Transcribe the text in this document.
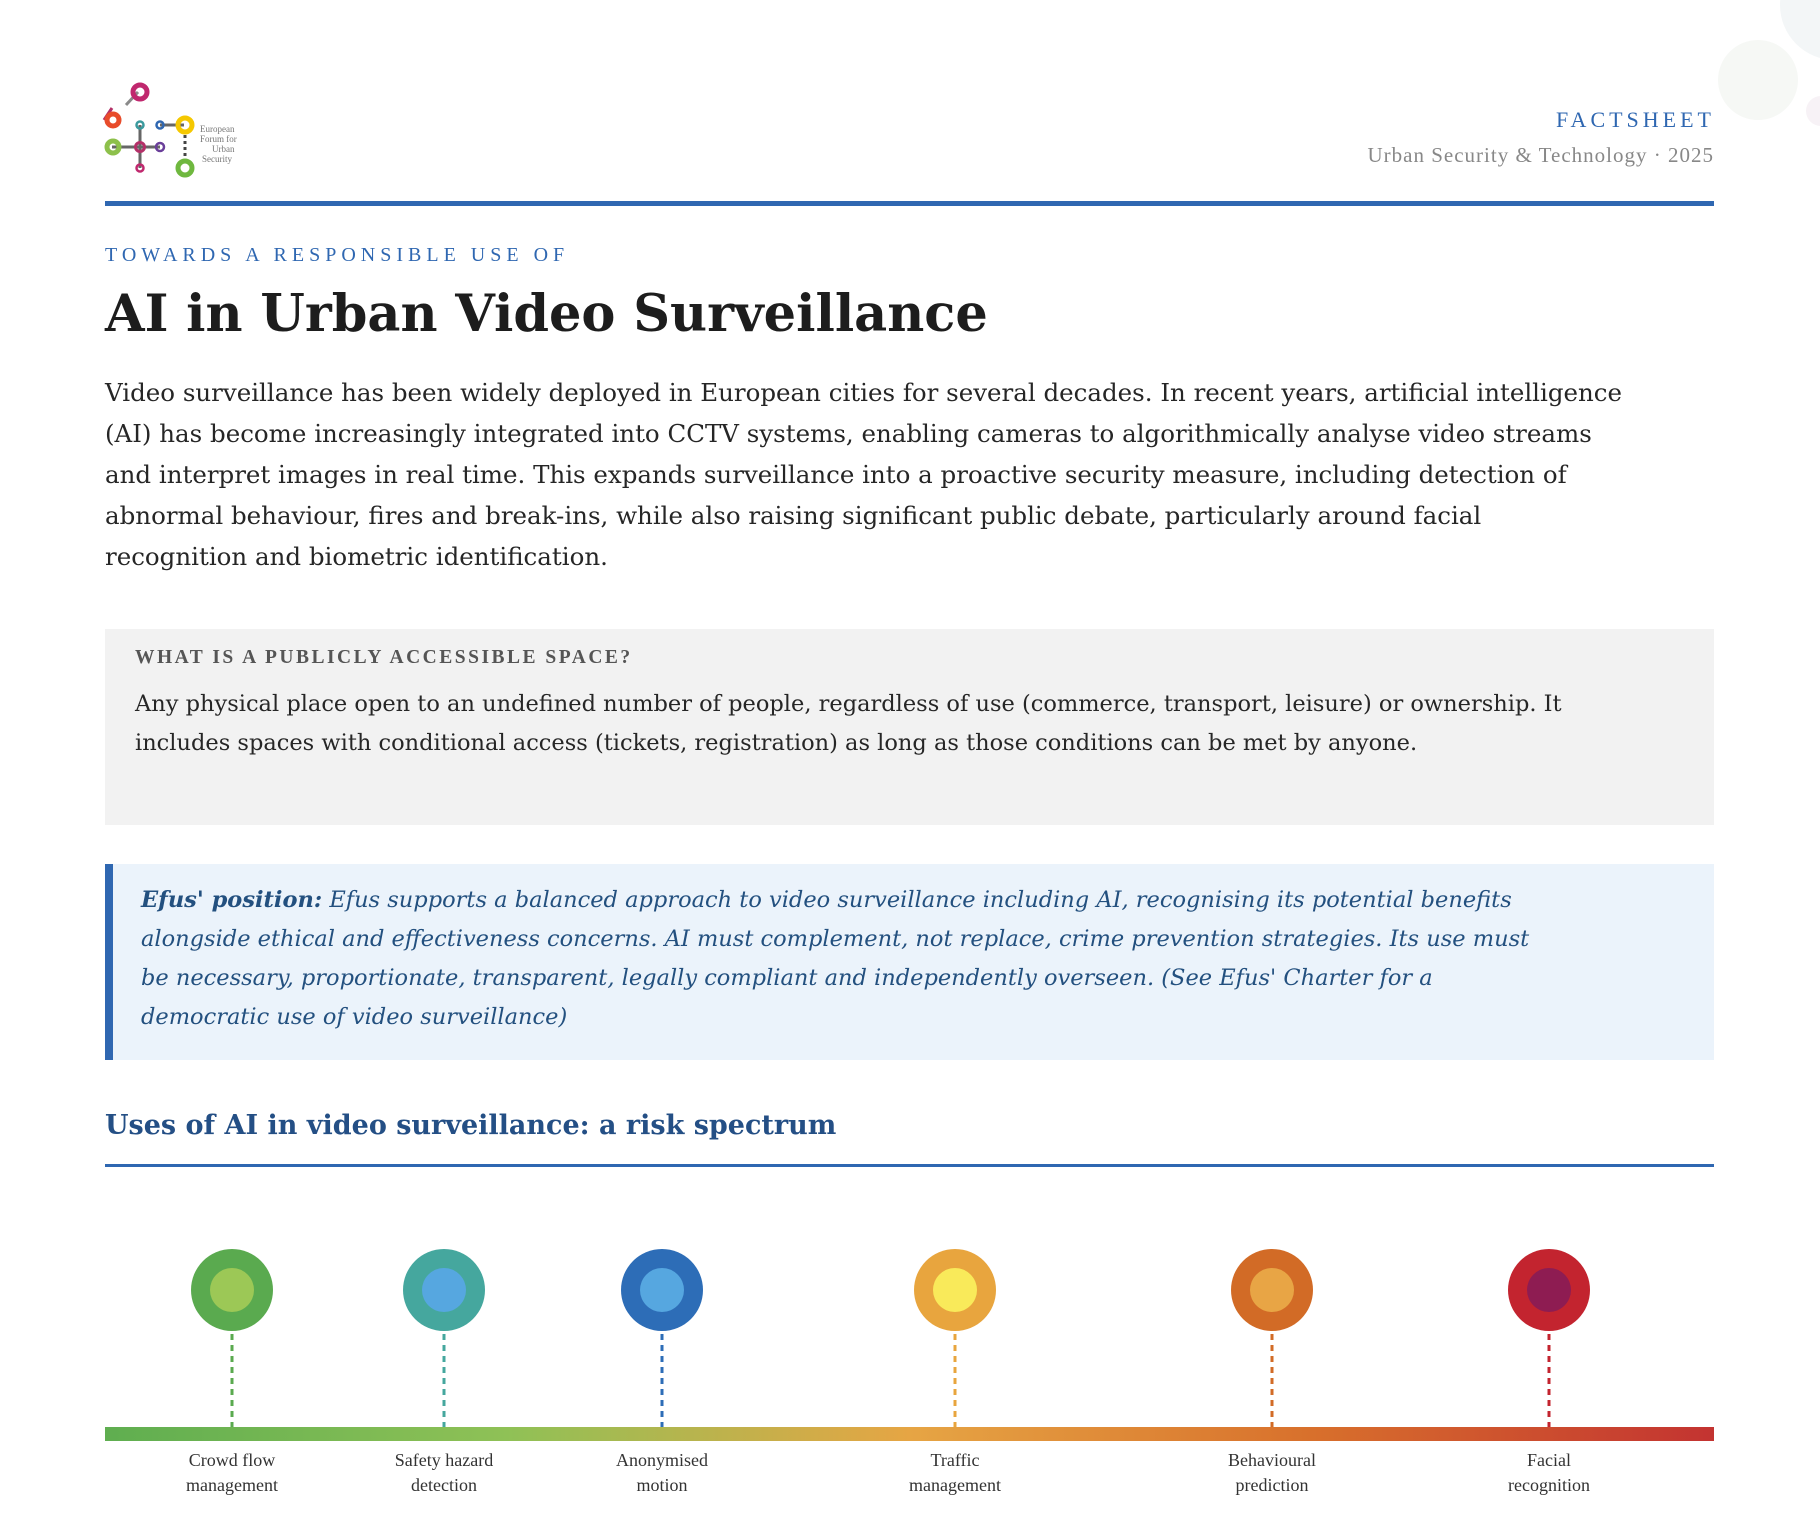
European
Forum for
Urban
Security
FACTSHEET
Urban Security & Technology · 2025
TOWARDS A RESPONSIBLE USE OF
AI in Urban Video Surveillance

Video surveillance has been widely deployed in European cities for several decades. In recent years, artificial intelligence (AI) has become increasingly integrated into CCTV systems, enabling cameras to algorithmically analyse video streams and interpret images in real time. This expands surveillance into a proactive security measure, including detection of abnormal behaviour, fires and break-ins, while also raising significant public debate, particularly around facial recognition and biometric identification.

WHAT IS A PUBLICLY ACCESSIBLE SPACE?

Any physical place open to an undefined number of people, regardless of use (commerce, transport, leisure) or ownership. It includes spaces with conditional access (tickets, registration) as long as those conditions can be met by anyone.

Efus' position: Efus supports a balanced approach to video surveillance including AI, recognising its potential benefits alongside ethical and effectiveness concerns. AI must complement, not replace, crime prevention strategies. Its use must be necessary, proportionate, transparent, legally compliant and independently overseen. (See Efus' Charter for a democratic use of video surveillance)

Uses of AI in video surveillance: a risk spectrum
Crowd flow
management
Safety hazard
detection
Anonymised
motion
Traffic
management
Behavioural
prediction
Facial
recognition
